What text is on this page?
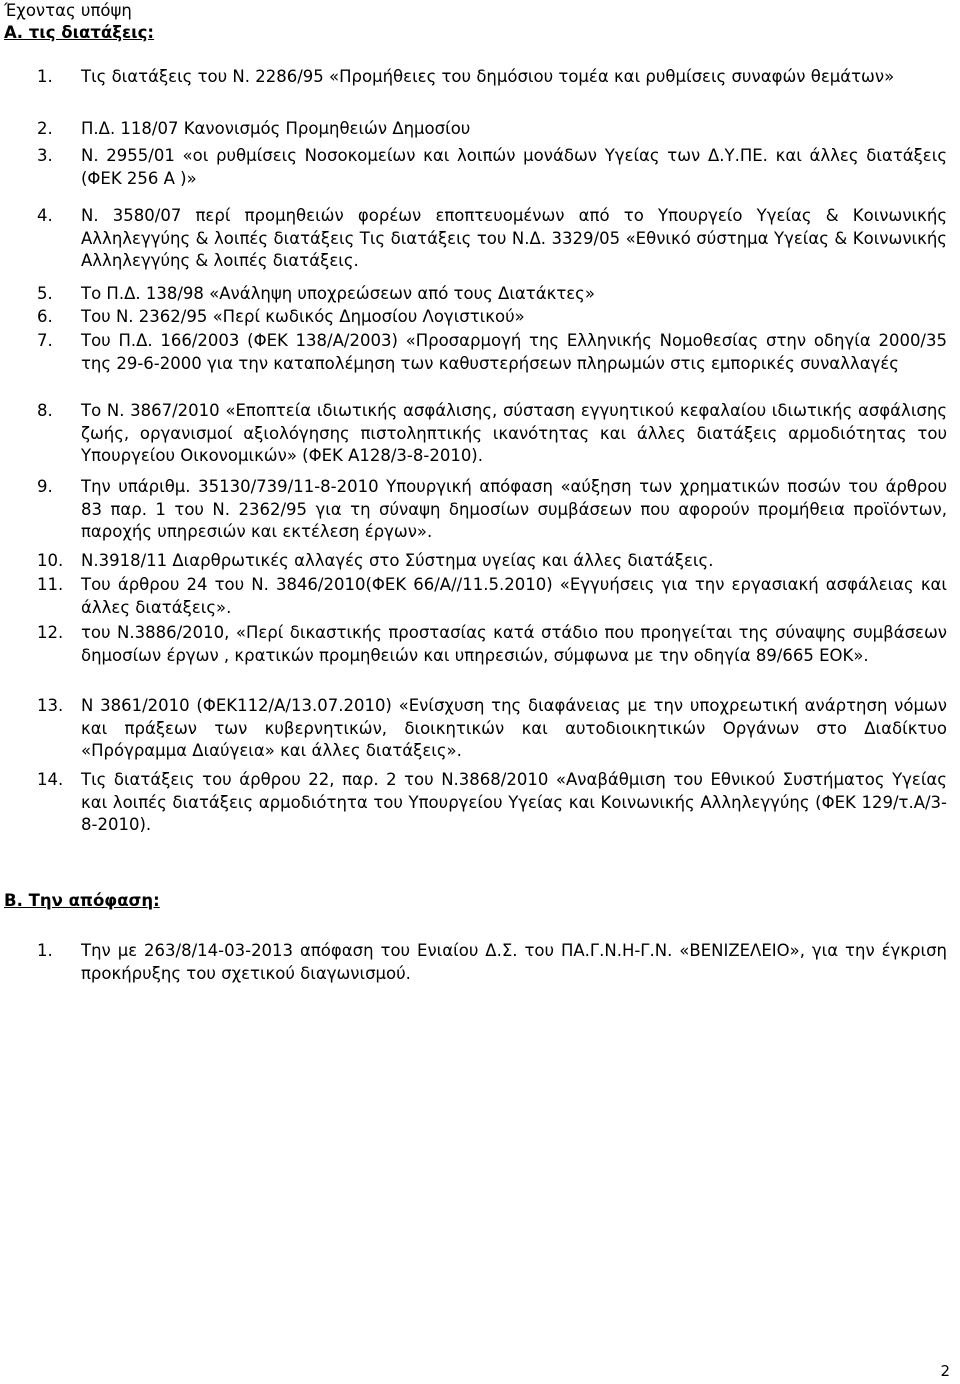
Έχοντας υπόψη
Α. τις διατάξεις:
1.	Τις διατάξεις του Ν. 2286/95 «Προμήθειες του δημόσιου τομέα και ρυθμίσεις συναφών θεμάτων»
2.	Π.Δ. 118/07 Κανονισμός Προμηθειών Δημοσίου
3.	Ν. 2955/01 «οι ρυθμίσεις Νοσοκομείων και λοιπών μονάδων Υγείας των Δ.Υ.ΠΕ. και άλλες διατάξεις (ΦΕΚ 256 Α )»
4.	Ν. 3580/07 περί προμηθειών φορέων εποπτευομένων από το Υπουργείο Υγείας & Κοινωνικής Αλληλεγγύης & λοιπές διατάξεις Τις διατάξεις του Ν.Δ. 3329/05 «Εθνικό σύστημα Υγείας & Κοινωνικής Αλληλεγγύης & λοιπές διατάξεις.
5.	Το Π.Δ. 138/98 «Ανάληψη υποχρεώσεων από τους Διατάκτες»
6.	Του Ν. 2362/95 «Περί κωδικός Δημοσίου Λογιστικού»
7.	Του Π.Δ. 166/2003 (ΦΕΚ 138/Α/2003) «Προσαρμογή της Ελληνικής Νομοθεσίας στην οδηγία 2000/35 της 29-6-2000 για την καταπολέμηση των καθυστερήσεων πληρωμών στις εμπορικές συναλλαγές
8.	Το Ν. 3867/2010 «Εποπτεία ιδιωτικής ασφάλισης, σύσταση εγγυητικού κεφαλαίου ιδιωτικής ασφάλισης ζωής, οργανισμοί αξιολόγησης πιστοληπτικής ικανότητας και άλλες διατάξεις αρμοδιότητας του Υπουργείου Οικονομικών» (ΦΕΚ Α128/3-8-2010).
9.	Την υπάριθμ. 35130/739/11-8-2010 Υπουργική απόφαση «αύξηση των χρηματικών ποσών του άρθρου 83 παρ. 1 του Ν. 2362/95 για τη σύναψη δημοσίων συμβάσεων που αφορούν προμήθεια προϊόντων, παροχής υπηρεσιών και εκτέλεση έργων».
10.	Ν.3918/11 Διαρθρωτικές αλλαγές στο Σύστημα υγείας και άλλες διατάξεις.
11.	Του άρθρου 24 του Ν. 3846/2010(ΦΕΚ 66/Α//11.5.2010) «Εγγυήσεις για την εργασιακή ασφάλειας και άλλες διατάξεις».
12.	του Ν.3886/2010, «Περί δικαστικής προστασίας κατά στάδιο που προηγείται της σύναψης συμβάσεων δημοσίων έργων , κρατικών προμηθειών και υπηρεσιών, σύμφωνα με την οδηγία 89/665 ΕΟΚ».
13.	Ν 3861/2010 (ΦΕΚ112/Α/13.07.2010) «Ενίσχυση της διαφάνειας με την υποχρεωτική ανάρτηση νόμων και πράξεων των κυβερνητικών, διοικητικών και αυτοδιοικητικών Οργάνων στο Διαδίκτυο «Πρόγραμμα Διαύγεια» και άλλες διατάξεις».
14.	Τις διατάξεις του άρθρου 22, παρ. 2 του Ν.3868/2010 «Αναβάθμιση του Εθνικού Συστήματος Υγείας και λοιπές διατάξεις αρμοδιότητα του Υπουργείου Υγείας και Κοινωνικής Αλληλεγγύης (ΦΕΚ 129/τ.Α/3-8-2010).
Β. Την απόφαση:
1.	Την με 263/8/14-03-2013 απόφαση του Ενιαίου Δ.Σ. του ΠΑ.Γ.Ν.Η-Γ.Ν. «ΒΕΝΙΖΕΛΕΙΟ», για την έγκριση προκήρυξης του σχετικού διαγωνισμού.
2
